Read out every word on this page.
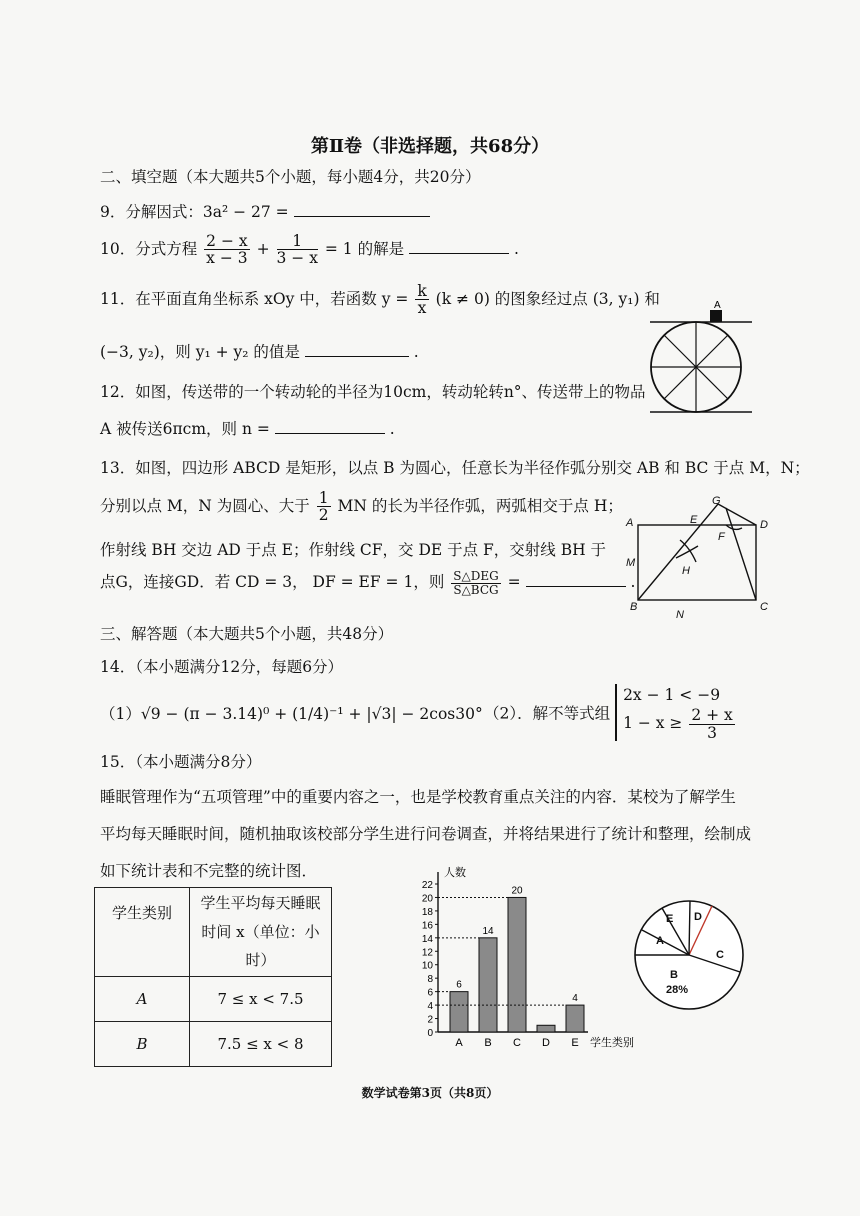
第Ⅱ卷（非选择题，共68分）
二、填空题（本大题共5个小题，每小题4分，共20分）
9．分解因式：3a² − 27 =
10．分式方程 $\frac{2 - x}{x - 3} + \frac{1}{3 - x} = 1$ 的解是	.
11．在平面直角坐标系 xOy 中，若函数 $y = \frac{k}{x} (k \ne 0)$ 的图象经过点 (3, y₁) 和
(−3, y₂)，则 y₁ + y₂ 的值是	.
A
12．如图，传送带的一个转动轮的半径为10cm，转动轮转n°、传送带上的物品
A 被传送6πcm，则 n =	.
13．如图，四边形 ABCD 是矩形，以点 B 为圆心，任意长为半径作弧分别交 AB 和 BC 于点 M，N；
分别以点 M，N 为圆心、大于 $\frac{1}{2}$ MN 的长为半径作弧，两弧相交于点 H；
作射线 BH 交边 AD 于点 E；作射线 CF，交 DE 于点 F，交射线 BH 于
点G，连接GD．若 CD = 3， DF = EF = 1，则 $\frac{\text{S△DEG}}{\text{S△BCG}}$ =	.
A
B	C
D
E
F
G
H
M
N
三、解答题（本大题共5个小题，共48分）
14．（本小题满分12分，每题6分）
（1）√9 − (π − 3.14)⁰ + (1/4)⁻¹ + |√3| − 2cos30° （2）．解不等式组
2x − 1 < −9
$1 - x \ge \frac{2 + x}{3}$
15．（本小题满分8分）
睡眠管理作为“五项管理”中的重要内容之一，也是学校教育重点关注的内容．某校为了解学生
平均每天睡眠时间，随机抽取该校部分学生进行问卷调查，并将结果进行了统计和整理，绘制成
如下统计表和不完整的统计图．
学生类别	学生平均每天睡眠
时间 x（单位：小时）

A	7 ≤ x < 7.5
B	7.5 ≤ x < 8
人数
学生类别
0
2
4
6
8
10
12
14
16
18
20
22
A
6
B
14
C
20
D E
4
A
B
28%
C
D
E
数学试卷第3页（共8页）
